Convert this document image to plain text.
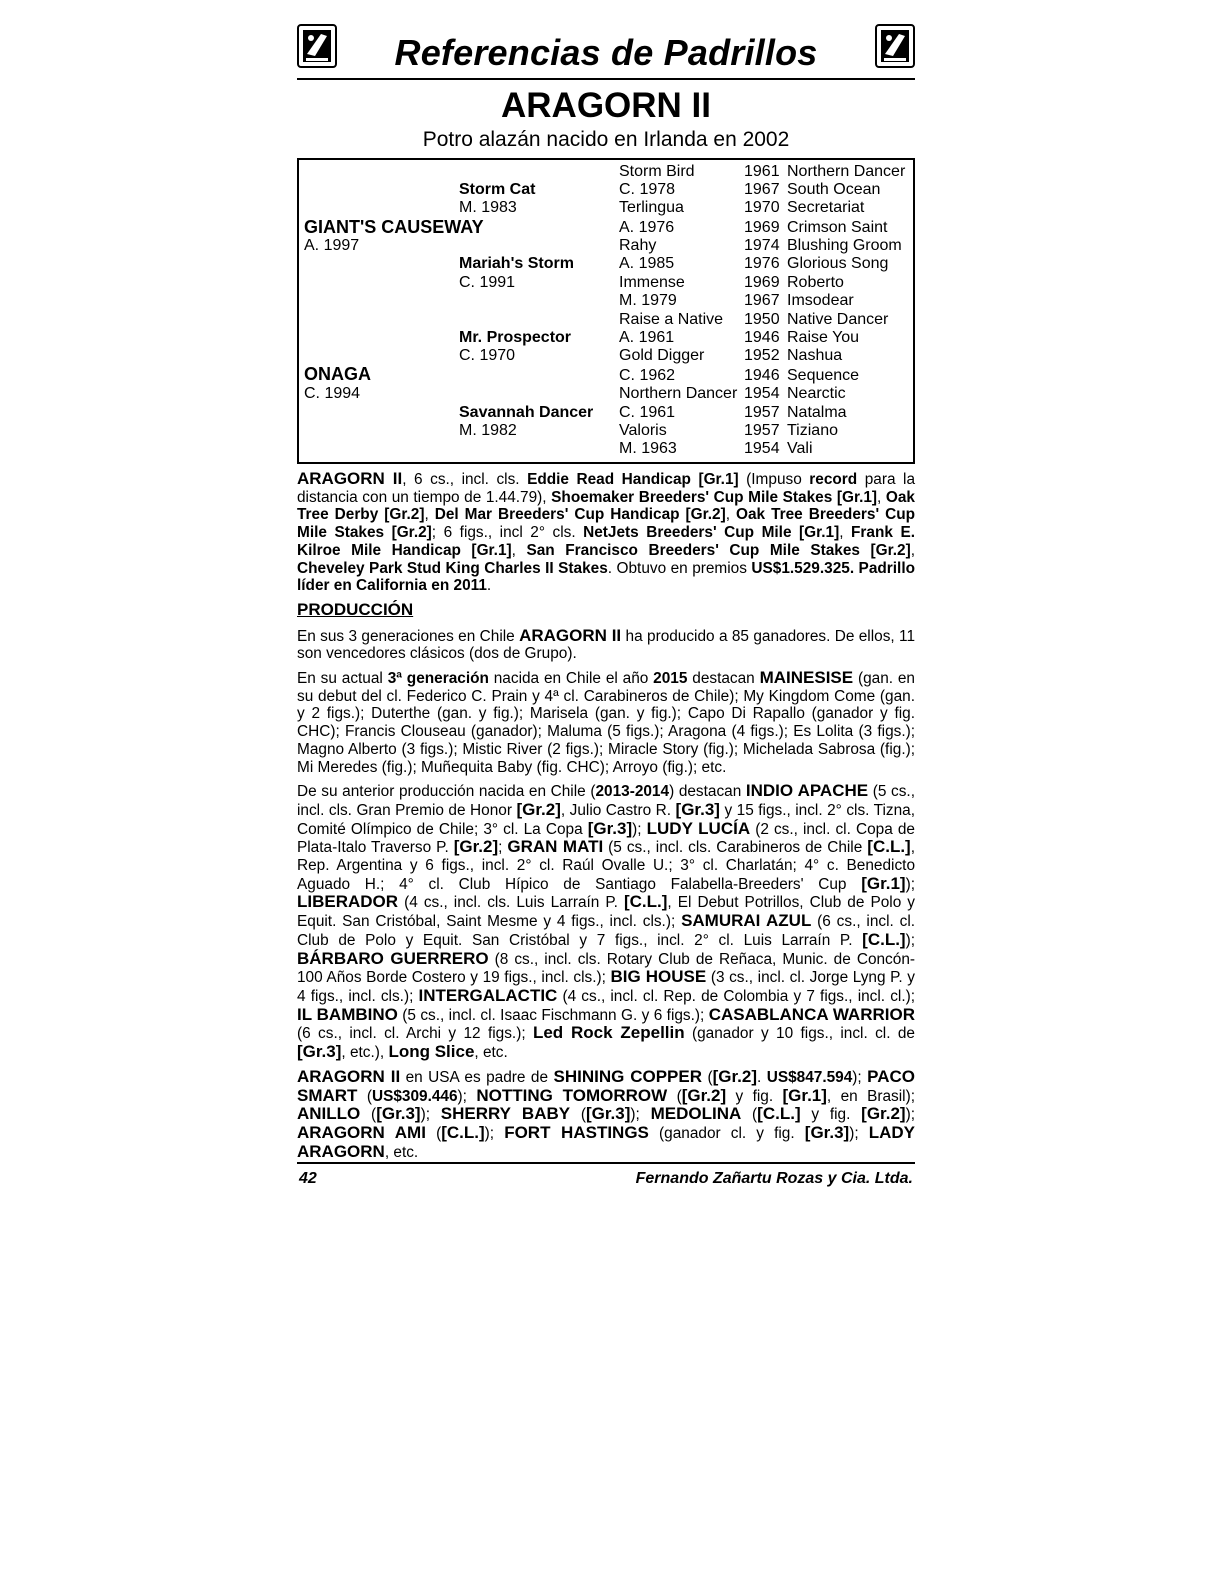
Referencias de Padrillos
ARAGORN II
Potro alazán nacido en Irlanda en 2002
GIANT'S CAUSEWAY
A. 1997
ONAGA
C. 1994
Storm Cat
M. 1983
Mariah's Storm
C. 1991
Mr. Prospector
C. 1970
Savannah Dancer
M. 1982
Storm Bird
C. 1978
Terlingua
A. 1976
Rahy
A. 1985
Immense
M. 1979
Raise a Native
A. 1961
Gold Digger
C. 1962
Northern Dancer
C. 1961
Valoris
M. 1963
1961
1967
1970
1969
1974
1976
1969
1967
1950
1946
1952
1946
1954
1957
1957
1954
Northern Dancer
South Ocean
Secretariat
Crimson Saint
Blushing Groom
Glorious Song
Roberto
Imsodear
Native Dancer
Raise You
Nashua
Sequence
Nearctic
Natalma
Tiziano
Vali

ARAGORN II, 6 cs., incl. cls. Eddie Read Handicap [Gr.1] (Impuso record para la distancia con un tiempo de 1.44.79), Shoemaker Breeders' Cup Mile Stakes [Gr.1], Oak Tree Derby [Gr.2], Del Mar Breeders' Cup Handicap [Gr.2], Oak Tree Breeders' Cup Mile Stakes [Gr.2]; 6 figs., incl 2° cls. NetJets Breeders' Cup Mile [Gr.1], Frank E. Kilroe Mile Handicap [Gr.1], San Francisco Breeders' Cup Mile Stakes [Gr.2], Cheveley Park Stud King Charles II Stakes. Obtuvo en premios US$1.529.325. Padrillo líder en California en 2011.

PRODUCCIÓN

En sus 3 generaciones en Chile ARAGORN II ha producido a 85 ganadores. De ellos, 11 son vencedores clásicos (dos de Grupo).

En su actual 3ª generación nacida en Chile el año 2015 destacan MAINESISE (gan. en su debut del cl. Federico C. Prain y 4ª cl. Carabineros de Chile); My Kingdom Come (gan. y 2 figs.); Duterthe (gan. y fig.); Marisela (gan. y fig.); Capo Di Rapallo (ganador y fig. CHC); Francis Clouseau (ganador); Maluma (5 figs.); Aragona (4 figs.); Es Lolita (3 figs.); Magno Alberto (3 figs.); Mistic River (2 figs.); Miracle Story (fig.); Michelada Sabrosa (fig.); Mi Meredes (fig.); Muñequita Baby (fig. CHC); Arroyo (fig.); etc.

De su anterior producción nacida en Chile (2013-2014) destacan INDIO APACHE (5 cs., incl. cls. Gran Premio de Honor [Gr.2], Julio Castro R. [Gr.3] y 15 figs., incl. 2° cls. Tizna, Comité Olímpico de Chile; 3° cl. La Copa [Gr.3]); LUDY LUCÍA (2 cs., incl. cl. Copa de Plata-Italo Traverso P. [Gr.2]; GRAN MATI (5 cs., incl. cls. Carabineros de Chile [C.L.], Rep. Argentina y 6 figs., incl. 2° cl. Raúl Ovalle U.; 3° cl. Charlatán; 4° c. Benedicto Aguado H.; 4° cl. Club Hípico de Santiago Falabella-Breeders' Cup [Gr.1]); LIBERADOR (4 cs., incl. cls. Luis Larraín P. [C.L.], El Debut Potrillos, Club de Polo y Equit. San Cristóbal, Saint Mesme y 4 figs., incl. cls.); SAMURAI AZUL (6 cs., incl. cl. Club de Polo y Equit. San Cristóbal y 7 figs., incl. 2° cl. Luis Larraín P. [C.L.]); BÁRBARO GUERRERO (8 cs., incl. cls. Rotary Club de Reñaca, Munic. de Concón-100 Años Borde Costero y 19 figs., incl. cls.); BIG HOUSE (3 cs., incl. cl. Jorge Lyng P. y 4 figs., incl. cls.); INTERGALACTIC (4 cs., incl. cl. Rep. de Colombia y 7 figs., incl. cl.); IL BAMBINO (5 cs., incl. cl. Isaac Fischmann G. y 6 figs.); CASABLANCA WARRIOR (6 cs., incl. cl. Archi y 12 figs.); Led Rock Zepellin (ganador y 10 figs., incl. cl. de [Gr.3], etc.), Long Slice, etc.

ARAGORN II en USA es padre de SHINING COPPER ([Gr.2]. US$847.594); PACO SMART (US$309.446); NOTTING TOMORROW ([Gr.2] y fig. [Gr.1], en Brasil); ANILLO ([Gr.3]); SHERRY BABY ([Gr.3]); MEDOLINA ([C.L.] y fig. [Gr.2]); ARAGORN AMI ([C.L.]); FORT HASTINGS (ganador cl. y fig. [Gr.3]); LADY ARAGORN, etc.

42	Fernando Zañartu Rozas y Cia. Ltda.
